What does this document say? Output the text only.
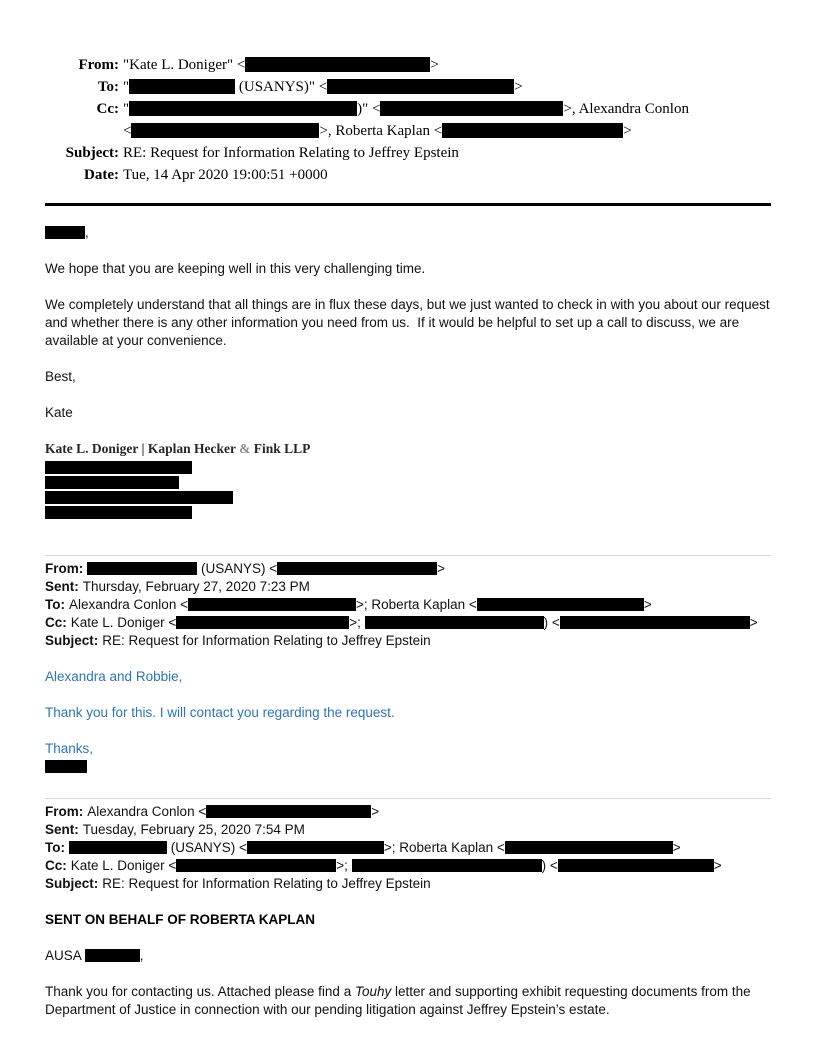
From: "Kate L. Doniger" <	>
To: "	(USANYS)" <	>
Cc: "	)" <	>, Alexandra Conlon
<	>, Roberta Kaplan <	>
Subject: RE: Request for Information Relating to Jeffrey Epstein
Date: Tue, 14 Apr 2020 19:00:51 +0000
,
We hope that you are keeping well in this very challenging time.
We completely understand that all things are in flux these days, but we just wanted to check in with you about our request and whether there is any other information you need from us.  If it would be helpful to set up a call to discuss, we are available at your convenience.
Best,
Kate
Kate L. Doniger | Kaplan Hecker & Fink LLP
From:	(USANYS) <	>
Sent: Thursday, February 27, 2020 7:23 PM
To: Alexandra Conlon <	>; Roberta Kaplan <	>
Cc: Kate L. Doniger <	>;	) <	>
Subject: RE: Request for Information Relating to Jeffrey Epstein
Alexandra and Robbie,
Thank you for this. I will contact you regarding the request.
Thanks,

From: Alexandra Conlon <	>
Sent: Tuesday, February 25, 2020 7:54 PM
To:	(USANYS) <	>; Roberta Kaplan <	>
Cc: Kate L. Doniger <	>;	) <	>
Subject: RE: Request for Information Relating to Jeffrey Epstein
SENT ON BEHALF OF ROBERTA KAPLAN
AUSA	,
Thank you for contacting us. Attached please find a Touhy letter and supporting exhibit requesting documents from the Department of Justice in connection with our pending litigation against Jeffrey Epstein’s estate.
